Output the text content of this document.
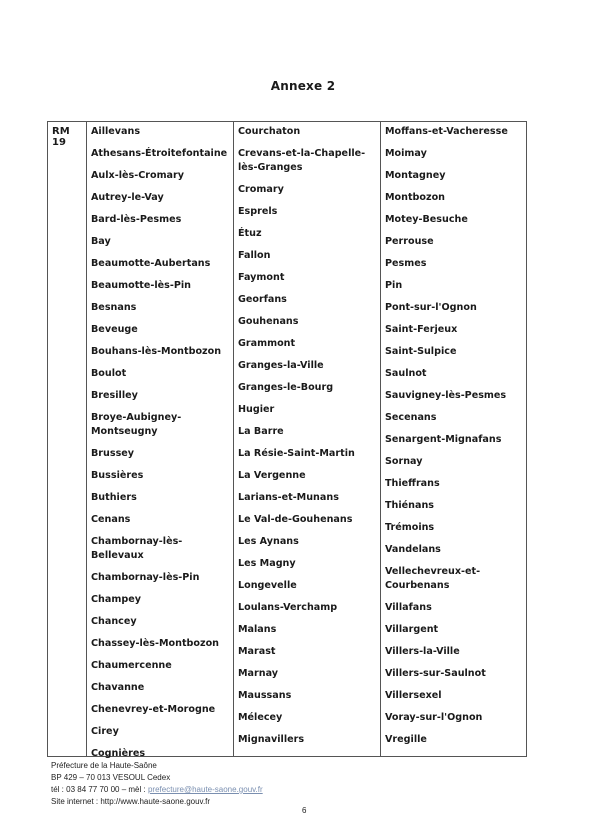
Annexe 2
RM 19
Aillevans
Athesans-Étroitefontaine
Aulx-lès-Cromary
Autrey-le-Vay
Bard-lès-Pesmes
Bay
Beaumotte-Aubertans
Beaumotte-lès-Pin
Besnans
Beveuge
Bouhans-lès-Montbozon
Boulot
Bresilley
Broye-Aubigney-Montseugny
Brussey
Bussières
Buthiers
Cenans
Chambornay-lès-Bellevaux
Chambornay-lès-Pin
Champey
Chancey
Chassey-lès-Montbozon
Chaumercenne
Chavanne
Chenevrey-et-Morogne
Cirey
Cognières
Courchaton
Crevans-et-la-Chapelle-lès-Granges
Cromary
Esprels
Étuz
Fallon
Faymont
Georfans
Gouhenans
Grammont
Granges-la-Ville
Granges-le-Bourg
Hugier
La Barre
La Résie-Saint-Martin
La Vergenne
Larians-et-Munans
Le Val-de-Gouhenans
Les Aynans
Les Magny
Longevelle
Loulans-Verchamp
Malans
Marast
Marnay
Maussans
Mélecey
Mignavillers
Moffans-et-Vacheresse
Moimay
Montagney
Montbozon
Motey-Besuche
Perrouse
Pesmes
Pin
Pont-sur-l'Ognon
Saint-Ferjeux
Saint-Sulpice
Saulnot
Sauvigney-lès-Pesmes
Secenans
Senargent-Mignafans
Sornay
Thieffrans
Thiénans
Trémoins
Vandelans
Vellechevreux-et-Courbenans
Villafans
Villargent
Villers-la-Ville
Villers-sur-Saulnot
Villersexel
Voray-sur-l'Ognon
Vregille
Préfecture de la Haute-Saône
BP 429 – 70 013 VESOUL Cedex
tél : 03 84 77 70 00 – mèl : prefecture@haute-saone.gouv.fr
Site internet : http://www.haute-saone.gouv.fr
6
